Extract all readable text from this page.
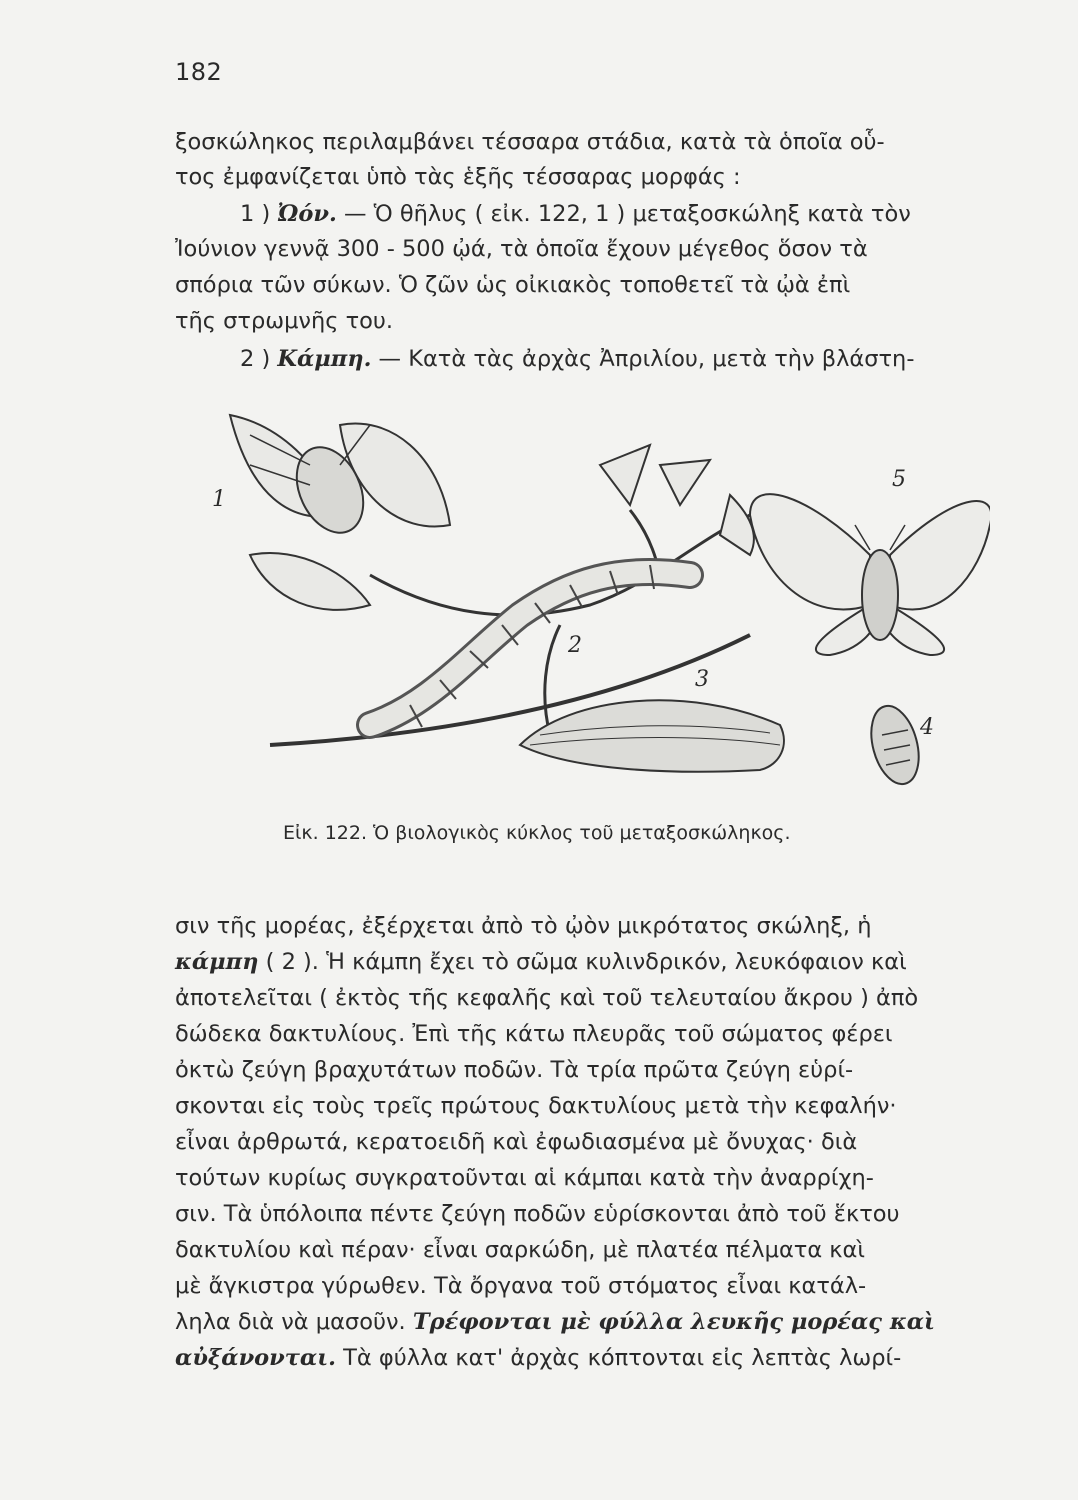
182
ξοσκώληκος περιλαμβάνει τέσσαρα στάδια, κατὰ τὰ ὁποῖα οὗ-
τος ἐμφανίζεται ὑπὸ τὰς ἑξῆς τέσσαρας μορφάς :
1 ) Ὠόν. — Ὁ θῆλυς ( εἰκ. 122, 1 ) μεταξοσκώληξ κατὰ τὸν
Ἰούνιον γεννᾷ 300 - 500 ᾠά, τὰ ὁποῖα ἔχουν μέγεθος ὅσον τὰ
σπόρια τῶν σύκων. Ὁ ζῶν ὡς οἰκιακὸς τοποθετεῖ τὰ ᾠὰ ἐπὶ
τῆς στρωμνῆς του.
2 ) Κάμπη. — Κατὰ τὰς ἀρχὰς Ἀπριλίου, μετὰ τὴν βλάστη-
1
2
3
4
5
Εἰκ. 122. Ὁ βιολογικὸς κύκλος τοῦ μεταξοσκώληκος.
σιν τῆς μορέας, ἐξέρχεται ἀπὸ τὸ ᾠὸν μικρότατος σκώληξ, ἡ
κάμπη ( 2 ). Ἡ κάμπη ἔχει τὸ σῶμα κυλινδρικόν, λευκόφαιον καὶ
ἀποτελεῖται ( ἐκτὸς τῆς κεφαλῆς καὶ τοῦ τελευταίου ἄκρου ) ἀπὸ
δώδεκα δακτυλίους. Ἐπὶ τῆς κάτω πλευρᾶς τοῦ σώματος φέρει
ὀκτὼ ζεύγη βραχυτάτων ποδῶν. Τὰ τρία πρῶτα ζεύγη εὑρί-
σκονται εἰς τοὺς τρεῖς πρώτους δακτυλίους μετὰ τὴν κεφαλήν·
εἶναι ἀρθρωτά, κερατοειδῆ καὶ ἐφωδιασμένα μὲ ὄνυχας· διὰ
τούτων κυρίως συγκρατοῦνται αἱ κάμπαι κατὰ τὴν ἀναρρίχη-
σιν. Τὰ ὑπόλοιπα πέντε ζεύγη ποδῶν εὑρίσκονται ἀπὸ τοῦ ἕκτου
δακτυλίου καὶ πέραν· εἶναι σαρκώδη, μὲ πλατέα πέλματα καὶ
μὲ ἄγκιστρα γύρωθεν. Τὰ ὄργανα τοῦ στόματος εἶναι κατάλ-
ληλα διὰ νὰ μασοῦν. Τρέφονται μὲ φύλλα λευκῆς μορέας καὶ
αὐξάνονται. Τὰ φύλλα κατ' ἀρχὰς κόπτονται εἰς λεπτὰς λωρί-
